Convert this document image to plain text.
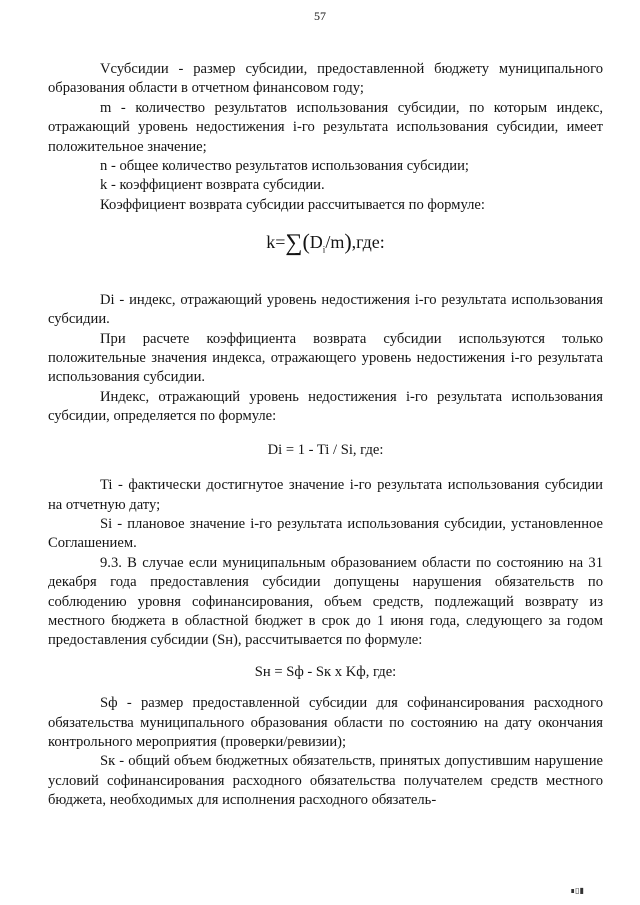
57

Vсубсидии - размер субсидии, предоставленной бюджету муниципального образования области в отчетном финансовом году;

m - количество результатов использования субсидии, по которым индекс, отражающий уровень недостижения i-го результата использования субсидии, имеет положительное значение;

n - общее количество результатов использования субсидии;

k - коэффициент возврата субсидии.

Коэффициент возврата субсидии рассчитывается по формуле:

$k=\sum(D_i/m),где$:

Di - индекс, отражающий уровень недостижения i-го результата использования субсидии.

При расчете коэффициента возврата субсидии используются только положительные значения индекса, отражающего уровень недостижения i-го результата использования субсидии.

Индекс, отражающий уровень недостижения i-го результата использования субсидии, определяется по формуле:

Di = 1 - Ti / Si, где:

Ti - фактически достигнутое значение i-го результата использования субсидии на отчетную дату;

Si - плановое значение i-го результата использования субсидии, установленное Соглашением.

9.3. В случае если муниципальным образованием области по состоянию на 31 декабря года предоставления субсидии допущены нарушения обязательств по соблюдению уровня софинансирования, объем средств, подлежащий возврату из местного бюджета в областной бюджет в срок до 1 июня года, следующего за годом предоставления субсидии (Sн), рассчитывается по формуле:

Sн = Sф - Sк x Kф, где:

Sф - размер предоставленной субсидии для софинансирования расходного обязательства муниципального образования области по состоянию на дату окончания контрольного мероприятия (проверки/ревизии);

Sк - общий объем бюджетных обязательств, принятых допустившим нарушение условий софинансирования расходного обязательства получателем средств местного бюджета, необходимых для исполнения расходного обязатель-

∎▯▮
